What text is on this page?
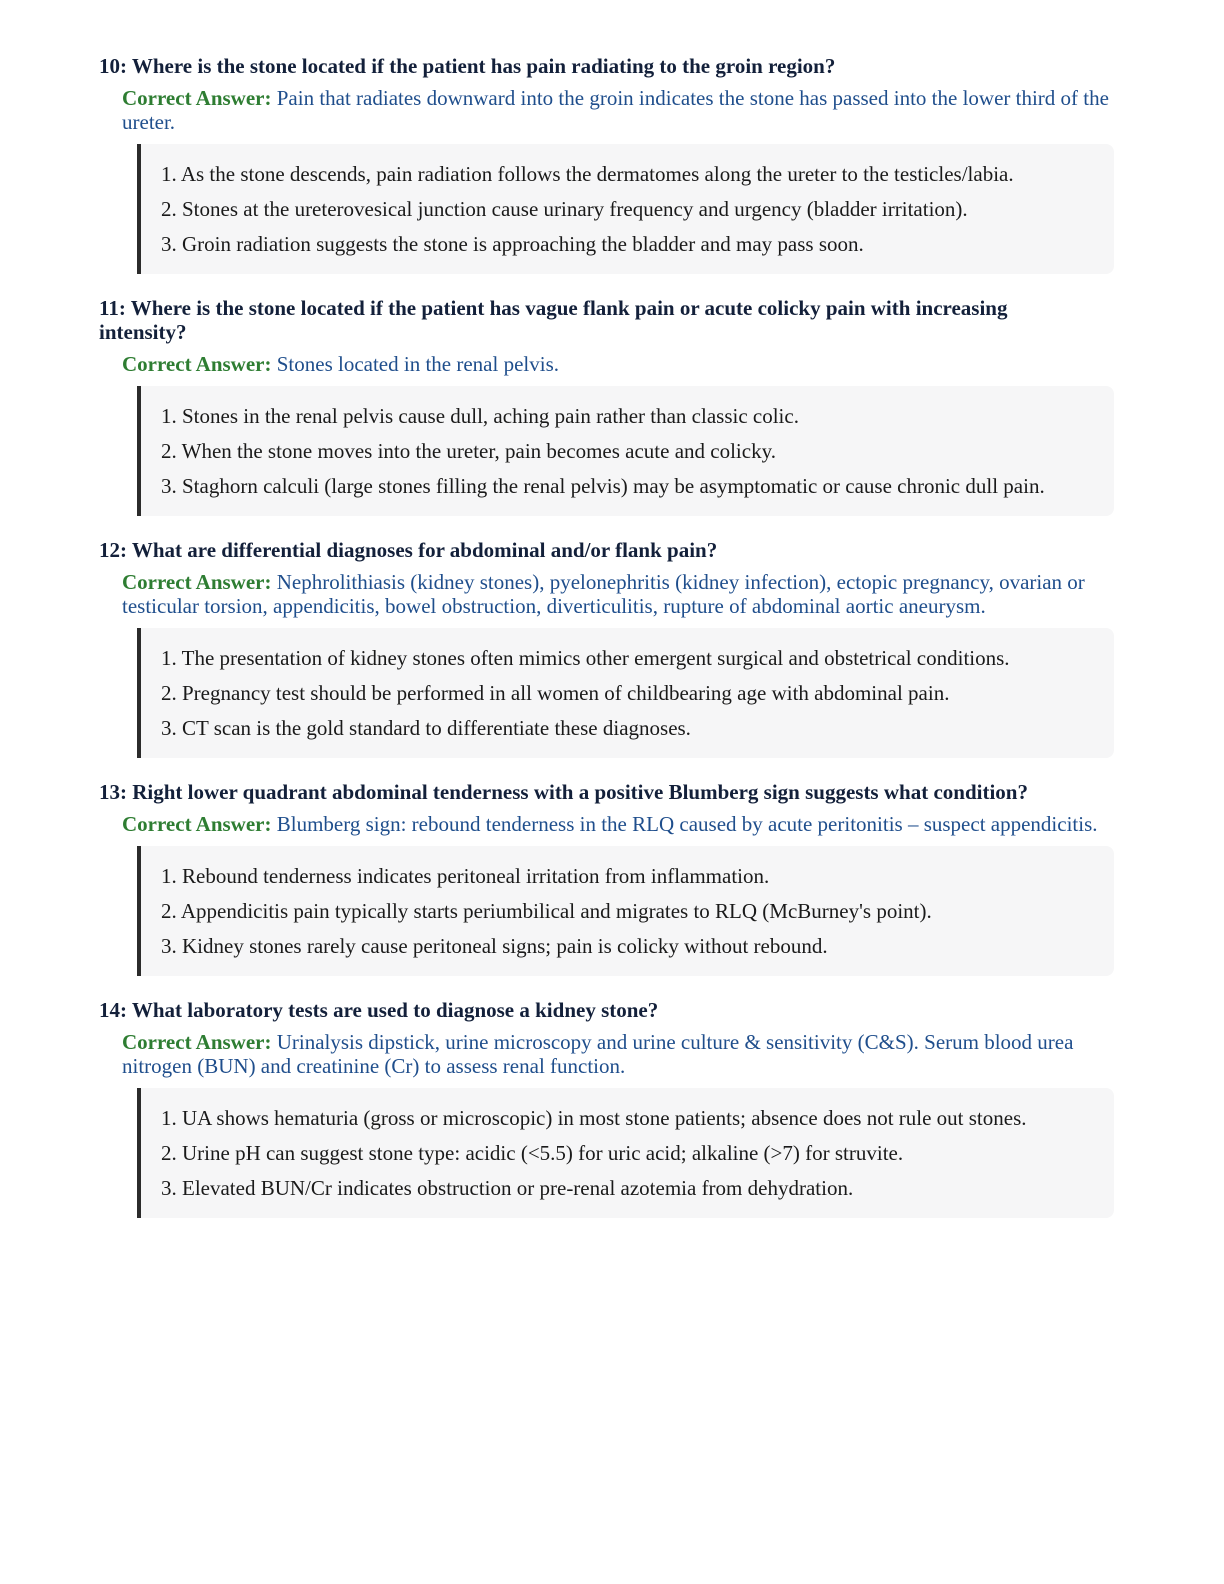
10: Where is the stone located if the patient has pain radiating to the groin region?

Correct Answer: Pain that radiates downward into the groin indicates the stone has passed into the lower third of the ureter.
1. As the stone descends, pain radiation follows the dermatomes along the ureter to the testicles/labia.
2. Stones at the ureterovesical junction cause urinary frequency and urgency (bladder irritation).
3. Groin radiation suggests the stone is approaching the bladder and may pass soon.

11: Where is the stone located if the patient has vague flank pain or acute colicky pain with increasing intensity?

Correct Answer: Stones located in the renal pelvis.
1. Stones in the renal pelvis cause dull, aching pain rather than classic colic.
2. When the stone moves into the ureter, pain becomes acute and colicky.
3. Staghorn calculi (large stones filling the renal pelvis) may be asymptomatic or cause chronic dull pain.

12: What are differential diagnoses for abdominal and/or flank pain?

Correct Answer: Nephrolithiasis (kidney stones), pyelonephritis (kidney infection), ectopic pregnancy, ovarian or testicular torsion, appendicitis, bowel obstruction, diverticulitis, rupture of abdominal aortic aneurysm.
1. The presentation of kidney stones often mimics other emergent surgical and obstetrical conditions.
2. Pregnancy test should be performed in all women of childbearing age with abdominal pain.
3. CT scan is the gold standard to differentiate these diagnoses.

13: Right lower quadrant abdominal tenderness with a positive Blumberg sign suggests what condition?

Correct Answer: Blumberg sign: rebound tenderness in the RLQ caused by acute peritonitis – suspect appendicitis.
1. Rebound tenderness indicates peritoneal irritation from inflammation.
2. Appendicitis pain typically starts periumbilical and migrates to RLQ (McBurney's point).
3. Kidney stones rarely cause peritoneal signs; pain is colicky without rebound.

14: What laboratory tests are used to diagnose a kidney stone?

Correct Answer: Urinalysis dipstick, urine microscopy and urine culture & sensitivity (C&S). Serum blood urea nitrogen (BUN) and creatinine (Cr) to assess renal function.
1. UA shows hematuria (gross or microscopic) in most stone patients; absence does not rule out stones.
2. Urine pH can suggest stone type: acidic (<5.5) for uric acid; alkaline (>7) for struvite.
3. Elevated BUN/Cr indicates obstruction or pre-renal azotemia from dehydration.
